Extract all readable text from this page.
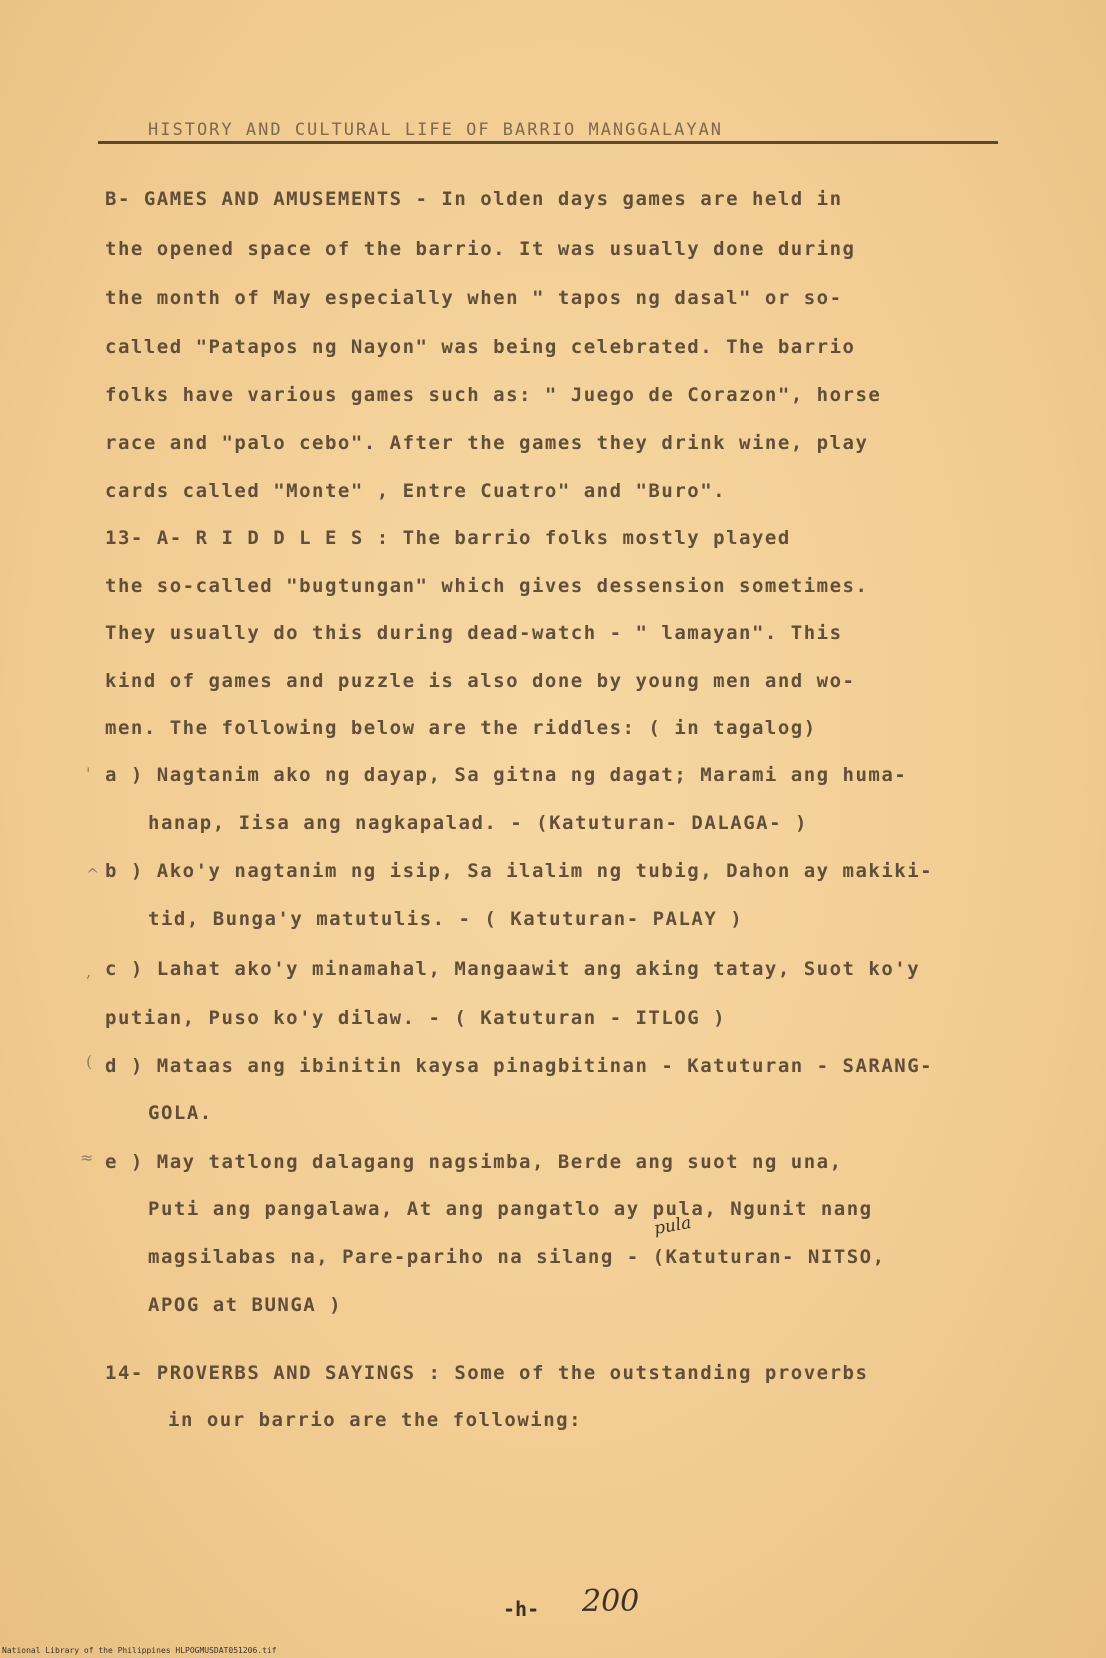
HISTORY AND CULTURAL LIFE OF BARRIO MANGGALAYAN
B- GAMES AND AMUSEMENTS - In olden days games are held in
the opened space of the barrio. It was usually done during
the month of May especially when " tapos ng dasal" or so-
called "Patapos ng Nayon" was being celebrated. The barrio
folks have various games such as: " Juego de Corazon", horse
race and "palo cebo". After the games they drink wine, play
cards called "Monte" , Entre Cuatro" and "Buro".
13- A- R I D D L E S : The barrio folks mostly played
the so-called "bugtungan" which gives dessension sometimes.
They usually do this during dead-watch - " lamayan". This
kind of games and puzzle is also done by young men and wo-
men. The following below are the riddles: ( in tagalog)
a ) Nagtanim ako ng dayap, Sa gitna ng dagat; Marami ang huma-
hanap, Iisa ang nagkapalad. - (Katuturan- DALAGA- )
b ) Ako'y nagtanim ng isip, Sa ilalim ng tubig, Dahon ay makiki-
tid, Bunga'y matutulis. - ( Katuturan- PALAY )
c ) Lahat ako'y minamahal, Mangaawit ang aking tatay, Suot ko'y
putian, Puso ko'y dilaw. - ( Katuturan - ITLOG )
d ) Mataas ang ibinitin kaysa pinagbitinan - Katuturan - SARANG-
GOLA.
e ) May tatlong dalagang nagsimba, Berde ang suot ng una,
Puti ang pangalawa, At ang pangatlo ay pula, Ngunit nang
magsilabas na, Pare-pariho na silang - (Katuturan- NITSO,
APOG at BUNGA )
pula
14- PROVERBS AND SAYINGS : Some of the outstanding proverbs
in our barrio are the following:
'
^
,
(
≈
-h- 200
National Library of the Philippines HLPOGMUSDAT051206.tif
